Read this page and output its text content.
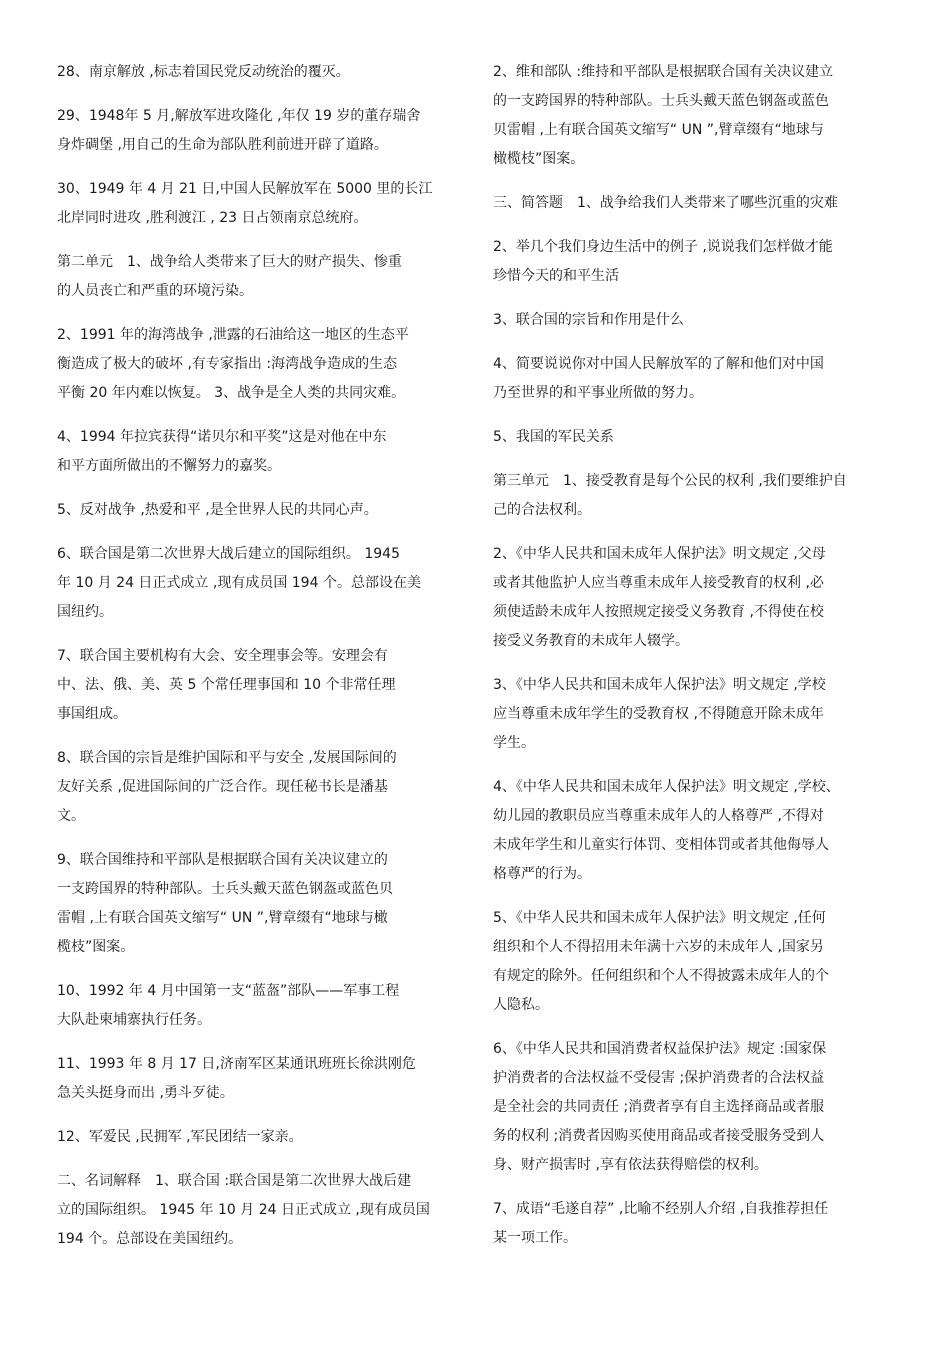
28、南京解放 ,标志着国民党反动统治的覆灭。

29、1948年 5 月,解放军进攻隆化 ,年仅 19 岁的董存瑞舍
身炸碉堡 ,用自己的生命为部队胜利前进开辟了道路。

30、1949 年 4 月 21 日,中国人民解放军在 5000 里的长江
北岸同时进攻 ,胜利渡江 , 23 日占领南京总统府。

第二单元　1、战争给人类带来了巨大的财产损失、惨重
的人员丧亡和严重的环境污染。

2、1991 年的海湾战争 ,泄露的石油给这一地区的生态平
衡造成了极大的破坏 ,有专家指出 :海湾战争造成的生态
平衡 20 年内难以恢复。 3、战争是全人类的共同灾难。

4、1994 年拉宾获得“诺贝尔和平奖”这是对他在中东
和平方面所做出的不懈努力的嘉奖。

5、反对战争 ,热爱和平 ,是全世界人民的共同心声。

6、联合国是第二次世界大战后建立的国际组织。 1945
年 10 月 24 日正式成立 ,现有成员国 194 个。总部设在美
国纽约。

7、联合国主要机构有大会、安全理事会等。安理会有
中、法、俄、美、英 5 个常任理事国和 10 个非常任理
事国组成。

8、联合国的宗旨是维护国际和平与安全 ,发展国际间的
友好关系 ,促进国际间的广泛合作。现任秘书长是潘基
文。

9、联合国维持和平部队是根据联合国有关决议建立的
一支跨国界的特种部队。士兵头戴天蓝色钢盔或蓝色贝
雷帽 ,上有联合国英文缩写“ UN ”,臂章缀有“地球与橄
榄枝”图案。

10、1992 年 4 月中国第一支“蓝盔”部队——军事工程
大队赴柬埔寨执行任务。

11、1993 年 8 月 17 日,济南军区某通讯班班长徐洪刚危
急关头挺身而出 ,勇斗歹徒。

12、军爱民 ,民拥军 ,军民团结一家亲。

二、名词解释　1、联合国 :联合国是第二次世界大战后建
立的国际组织。 1945 年 10 月 24 日正式成立 ,现有成员国
194 个。总部设在美国纽约。

2、维和部队 :维持和平部队是根据联合国有关决议建立
的一支跨国界的特种部队。士兵头戴天蓝色钢盔或蓝色
贝雷帽 ,上有联合国英文缩写“ UN ”,臂章缀有“地球与
橄榄枝”图案。

三、简答题　1、战争给我们人类带来了哪些沉重的灾难

2、举几个我们身边生活中的例子 ,说说我们怎样做才能
珍惜今天的和平生活

3、联合国的宗旨和作用是什么

4、简要说说你对中国人民解放军的了解和他们对中国
乃至世界的和平事业所做的努力。

5、我国的军民关系

第三单元　1、接受教育是每个公民的权利 ,我们要维护自
己的合法权利。

2、《中华人民共和国未成年人保护法》明文规定 ,父母
或者其他监护人应当尊重未成年人接受教育的权利 ,必
须使适龄未成年人按照规定接受义务教育 ,不得使在校
接受义务教育的未成年人辍学。

3、《中华人民共和国未成年人保护法》明文规定 ,学校
应当尊重未成年学生的受教育权 ,不得随意开除未成年
学生。

4、《中华人民共和国未成年人保护法》明文规定 ,学校、
幼儿园的教职员应当尊重未成年人的人格尊严 ,不得对
未成年学生和儿童实行体罚、变相体罚或者其他侮辱人
格尊严的行为。

5、《中华人民共和国未成年人保护法》明文规定 ,任何
组织和个人不得招用未年满十六岁的未成年人 ,国家另
有规定的除外。任何组织和个人不得披露未成年人的个
人隐私。

6、《中华人民共和国消费者权益保护法》规定 :国家保
护消费者的合法权益不受侵害 ;保护消费者的合法权益
是全社会的共同责任 ;消费者享有自主选择商品或者服
务的权利 ;消费者因购买使用商品或者接受服务受到人
身、财产损害时 ,享有依法获得赔偿的权利。

7、成语“毛遂自荐” ,比喻不经别人介绍 ,自我推荐担任
某一项工作。
